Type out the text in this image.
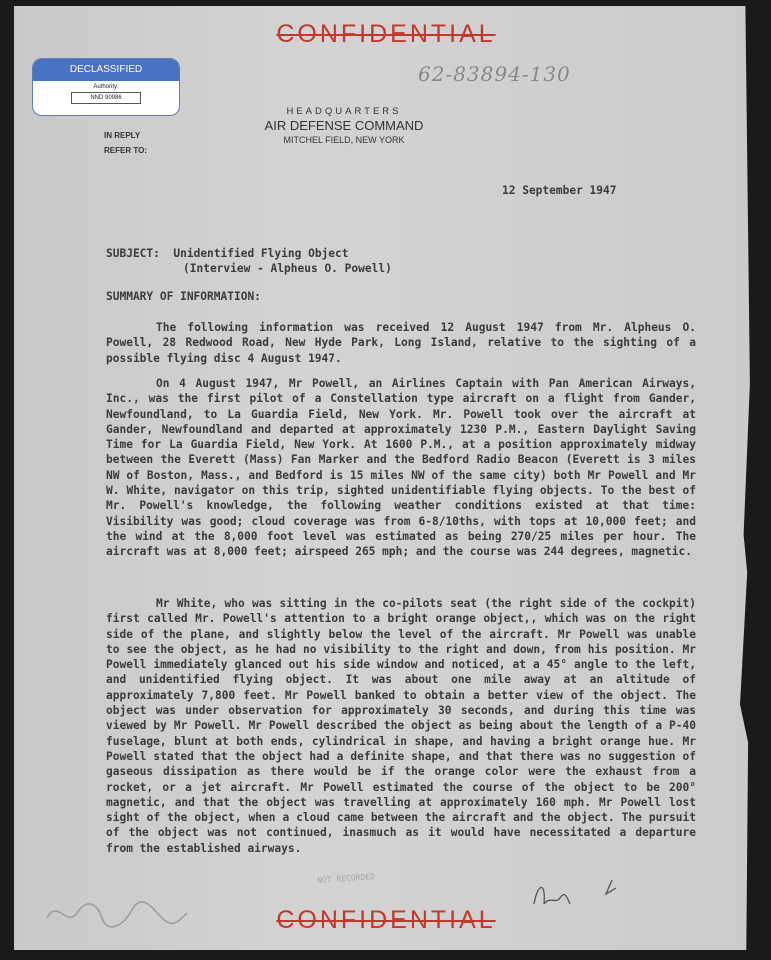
CONFIDENTIAL
DECLASSIFIED
Authority:
NND 90986
62-83894-130
IN REPLY
REFER TO:
HEADQUARTERS
AIR DEFENSE COMMAND
MITCHEL FIELD, NEW YORK
12 September 1947
SUBJECT: Unidentified Flying Object
(Interview - Alpheus O. Powell)
SUMMARY OF INFORMATION:

The following information was received 12 August 1947 from Mr. Alpheus O. Powell, 28 Redwood Road, New Hyde Park, Long Island, relative to the sighting of a possible flying disc 4 August 1947.

On 4 August 1947, Mr Powell, an Airlines Captain with Pan American Airways, Inc., was the first pilot of a Constellation type aircraft on a flight from Gander, Newfoundland, to La Guardia Field, New York. Mr. Powell took over the aircraft at Gander, Newfoundland and departed at approximately 1230 P.M., Eastern Daylight Saving Time for La Guardia Field, New York. At 1600 P.M., at a position approximately midway between the Everett (Mass) Fan Marker and the Bedford Radio Beacon (Everett is 3 miles NW of Boston, Mass., and Bedford is 15 miles NW of the same city) both Mr Powell and Mr W. White, navigator on this trip, sighted unidentifiable flying objects. To the best of Mr. Powell's knowledge, the following weather conditions existed at that time: Visibility was good; cloud coverage was from 6-8/10ths, with tops at 10,000 feet; and the wind at the 8,000 foot level was estimated as being 270/25 miles per hour. The aircraft was at 8,000 feet; airspeed 265 mph; and the course was 244 degrees, magnetic.

Mr White, who was sitting in the co-pilots seat (the right side of the cockpit) first called Mr. Powell's attention to a bright orange object,, which was on the right side of the plane, and slightly below the level of the aircraft. Mr Powell was unable to see the object, as he had no visibility to the right and down, from his position. Mr Powell immediately glanced out his side window and noticed, at a 45° angle to the left, and unidentified flying object. It was about one mile away at an altitude of approximately 7,800 feet. Mr Powell banked to obtain a better view of the object. The object was under observation for approximately 30 seconds, and during this time was viewed by Mr Powell. Mr Powell described the object as being about the length of a P-40 fuselage, blunt at both ends, cylindrical in shape, and having a bright orange hue. Mr Powell stated that the object had a definite shape, and that there was no suggestion of gaseous dissipation as there would be if the orange color were the exhaust from a rocket, or a jet aircraft. Mr Powell estimated the course of the object to be 200° magnetic, and that the object was travelling at approximately 160 mph. Mr Powell lost sight of the object, when a cloud came between the aircraft and the object. The pursuit of the object was not continued, inasmuch as it would have necessitated a departure from the established airways.

NOT RECORDED
CONFIDENTIAL
